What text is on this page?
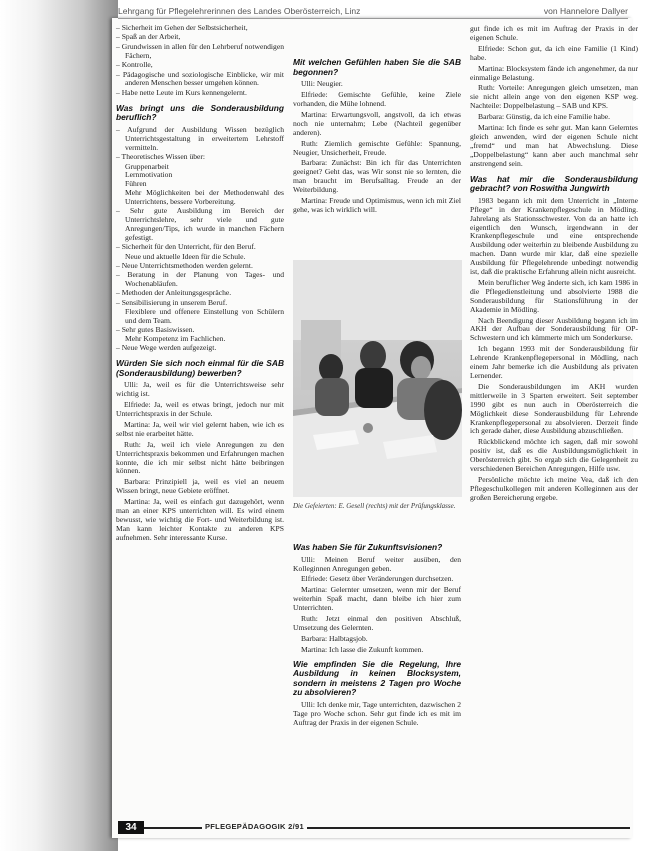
Lehrgang für Pflegelehrerinnen des Landes Oberösterreich, Linz	von Hannelore Dallyer
– Sicherheit im Gehen der Selbstsicherheit,
– Spaß an der Arbeit,
– Grundwissen in allen für den Lehrberuf notwendigen Fächern,
– Kontrolle,
– Pädagogische und soziologische Einblicke, wir mit anderen Menschen besser umgehen können.
– Habe nette Leute im Kurs kennengelernt.
Was bringt uns die Sonderausbildung beruflich?
– Aufgrund der Ausbildung Wissen bezüglich Unterrichtsgestaltung in erweitertem Lehrstoff vermitteln.
– Theoretisches Wissen über:
Gruppenarbeit
Lernmotivation
Führen
Mehr Möglichkeiten bei der Methodenwahl des Unterrichtens, bessere Vorbereitung.
– Sehr gute Ausbildung im Bereich der Unterrichtslehre, sehr viele und gute Anregungen/Tips, ich wurde in manchen Fächern gefestigt.
– Sicherheit für den Unterricht, für den Beruf.
Neue und aktuelle Ideen für die Schule.
– Neue Unterrichtsmethoden werden gelernt.
– Beratung in der Planung von Tages- und Wochenabläufen.
– Methoden der Anleitungsgespräche.
– Sensibilisierung in unserem Beruf.
Flexiblere und offenere Einstellung von Schülern und dem Team.
– Sehr gutes Basiswissen.
Mehr Kompetenz im Fachlichen.
– Neue Wege werden aufgezeigt.
Würden Sie sich noch einmal für die SAB (Sonderausbildung) bewerben?

Ulli: Ja, weil es für die Unterrichtsweise sehr wichtig ist.

Elfriede: Ja, weil es etwas bringt, jedoch nur mit Unterrichtspraxis in der Schule.

Martina: Ja, weil wir viel gelernt haben, wie ich es selbst nie erarbeitet hätte.

Ruth: Ja, weil ich viele Anregungen zu den Unterrichtspraxis bekommen und Erfahrungen machen konnte, die ich mir selbst nicht hätte beibringen können.

Barbara: Prinzipiell ja, weil es viel an neuem Wissen bringt, neue Gebiete eröffnet.

Martina: Ja, weil es einfach gut dazugehört, wenn man an einer KPS unterrichten will. Es wird einem bewusst, wie wichtig die Fort- und Weiterbildung ist. Man kann leichter Kontakte zu anderen KPS aufnehmen. Sehr interessante Kurse.

Mit welchen Gefühlen haben Sie die SAB begonnen?

Ulli: Neugier.

Elfriede: Gemischte Gefühle, keine Ziele vorhanden, die Mühe lohnend.

Martina: Erwartungsvoll, angstvoll, da ich etwas noch nie unternahm; Lebe (Nachteil gegenüber anderen).

Ruth: Ziemlich gemischte Gefühle: Spannung, Neugier, Unsicherheit, Freude.

Barbara: Zunächst: Bin ich für das Unterrichten geeignet? Geht das, was Wir sonst nie so lernten, die man braucht im Berufsalltag. Freude an der Weiterbildung.

Martina: Freude und Optimismus, wenn ich mit Ziel gehe, was ich wirklich will.

Die Gefeierten: E. Gesell (rechts) mit der Prüfungsklasse.
Was haben Sie für Zukunftsvisionen?

Ulli: Meinen Beruf weiter ausüben, den Kolleginnen Anregungen geben.

Elfriede: Gesetz über Veränderungen durchsetzen.

Martina: Gelernter umsetzen, wenn mir der Beruf weiterhin Spaß macht, dann bleibe ich hier zum Unterrichten.

Ruth: Jetzt einmal den positiven Abschluß, Umsetzung des Gelernten.

Barbara: Halbtagsjob.

Martina: Ich lasse die Zukunft kommen.

Wie empfinden Sie die Regelung, Ihre Ausbildung in keinen Blocksystem, sondern in meistens 2 Tagen pro Woche zu absolvieren?

Ulli: Ich denke mir, Tage unterrichten, dazwischen 2 Tage pro Woche schon. Sehr gut finde ich es mit im Auftrag der Praxis in der eigenen Schule.

gut finde ich es mit im Auftrag der Praxis in der eigenen Schule.

Elfriede: Schon gut, da ich eine Familie (1 Kind) habe.

Martina: Blocksystem fände ich angenehmer, da nur einmalige Belastung.

Ruth: Vorteile: Anregungen gleich umsetzen, man sie nicht allein ange von den eigenen KSP weg. Nachteile: Doppelbelastung – SAB und KPS.

Barbara: Günstig, da ich eine Familie habe.

Martina: Ich finde es sehr gut. Man kann Gelerntes gleich anwenden, wird der eigenen Schule nicht „fremd“ und man hat Abwechslung. Diese „Doppelbelastung“ kann aber auch manchmal sehr anstrengend sein.

Was hat mir die Sonderausbildung gebracht? von Roswitha Jungwirth

1983 begann ich mit dem Unterricht in „Interne Pflege“ in der Krankenpflegeschule in Mödling. Jahrelang als Stationsschwester. Von da an hatte ich eigentlich den Wunsch, irgendwann in der Krankenpflegeschule und eine entsprechende Ausbildung oder weiterhin zu bleibende Ausbildung zu machen. Dann wurde mir klar, daß eine spezielle Ausbildung für Pflegelehrende unbedingt notwendig ist, daß die praktische Erfahrung allein nicht ausreicht.

Mein beruflicher Weg änderte sich, ich kam 1986 in die Pflegedienstleitung und absolvierte 1988 die Sonderausbildung für Stationsführung in der Akademie in Mödling.

Nach Beendigung dieser Ausbildung begann ich im AKH der Aufbau der Sonderausbildung für OP-Schwestern und ich kümmerte mich um Sonderkurse.

Ich begann 1993 mit der Sonderausbildung für Lehrende Krankenpflegepersonal in Mödling, nach einem Jahr bemerke ich die Ausbildung als privaten Lernender.

Die Sonderausbildungen im AKH wurden mittlerweile in 3 Sparten erweitert. Seit september 1990 gibt es nun auch in Oberösterreich die Möglichkeit diese Sonderausbildung für Lehrende Krankenpflegepersonal zu absolvieren. Derzeit finde ich gerade daher, diese Ausbildung abzuschließen.

Rückblickend möchte ich sagen, daß mir sowohl positiv ist, daß es die Ausbildungsmöglichkeit in Oberösterreich gibt. So ergab sich die Gelegenheit zu verschiedenen Bereichen Anregungen, Hilfe usw.

Persönliche möchte ich meine Vea, daß ich den Pflegeschulkollegen mit anderen Kolleginnen aus der großen Bereicherung ergebe.

34	PFLEGEPÄDAGOGIK 2/91
